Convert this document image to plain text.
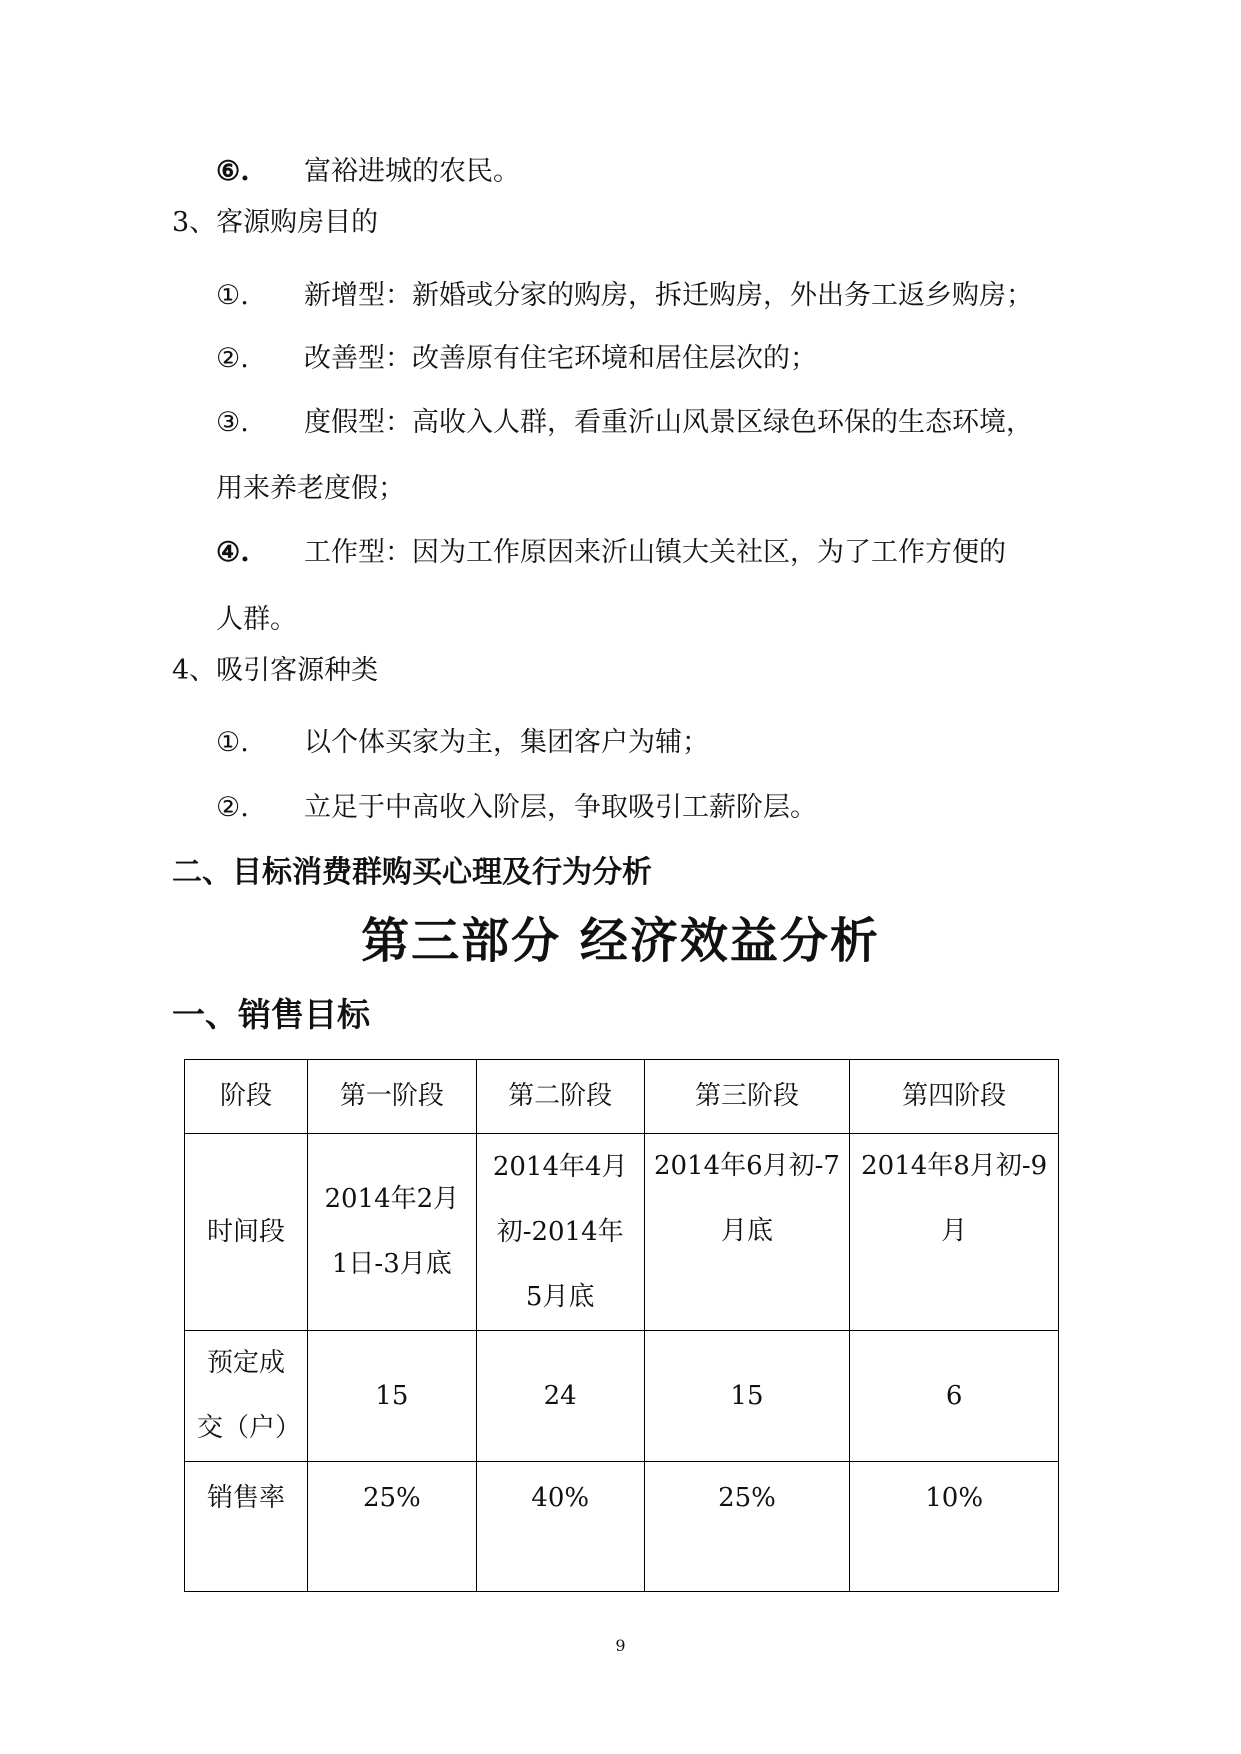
⑥. 富裕进城的农民。
3、客源购房目的
①. 新增型：新婚或分家的购房，拆迁购房，外出务工返乡购房；
②. 改善型：改善原有住宅环境和居住层次的；
③. 度假型：高收入人群，看重沂山风景区绿色环保的生态环境，
用来养老度假；
④. 工作型：因为工作原因来沂山镇大关社区，为了工作方便的
人群。
4、吸引客源种类
①. 以个体买家为主，集团客户为辅；
②. 立足于中高收入阶层，争取吸引工薪阶层。
二、目标消费群购买心理及行为分析
第三部分 经济效益分析
一、销售目标
阶段	第一阶段	第二阶段	第三阶段	第四阶段
时间段	2014年2月1日-3月底	2014年4月初-2014年5月底	2014年6月初-7月底	2014年8月初-9月
预定成交（户）	15	24	15	6
销售率	25%	40%	25%	10%
9
